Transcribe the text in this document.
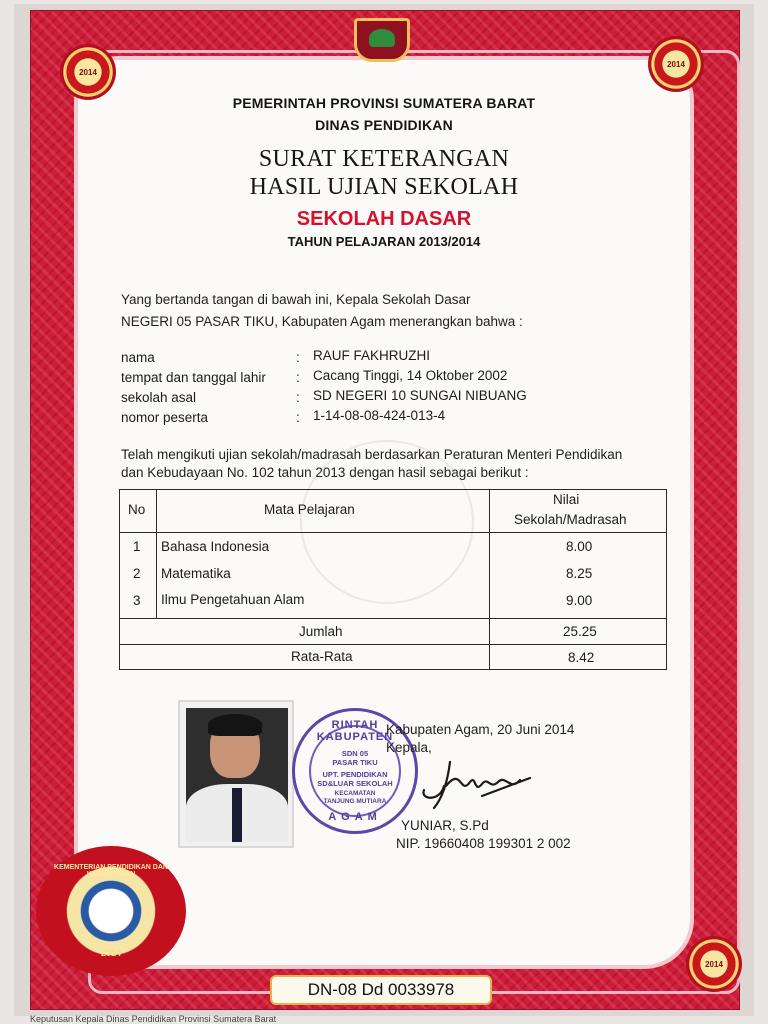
2014
2014
2014
PEMERINTAH PROVINSI SUMATERA BARAT
DINAS PENDIDIKAN
SURAT KETERANGAN
HASIL UJIAN SEKOLAH
SEKOLAH DASAR
TAHUN PELAJARAN 2013/2014
Yang bertanda tangan di bawah ini, Kepala Sekolah Dasar
NEGERI 05 PASAR TIKU, Kabupaten Agam menerangkan bahwa :
nama	: RAUF FAKHRUZHI
tempat dan tanggal lahir : Cacang Tinggi, 14 Oktober 2002
sekolah asal	: SD NEGERI 10 SUNGAI NIBUANG
nomor peserta	: 1-14-08-08-424-013-4
Telah mengikuti ujian sekolah/madrasah berdasarkan Peraturan Menteri Pendidikan
dan Kebudayaan No. 102 tahun 2013 dengan hasil sebagai berikut :
No	Mata Pelajaran
Nilai
Sekolah/Madrasah
1 Bahasa Indonesia	8.00
2 Matematika	8.25
3 Ilmu Pengetahuan Alam	9.00
Jumlah	25.25
Rata-Rata	8.42
RINTAH KABUPATEN
SDN 05
PASAR TIKU
UPT. PENDIDIKAN
SD&LUAR SEKOLAH
KECAMATAN
TANJUNG MUTIARA
AGAM
Kabupaten Agam, 20 Juni 2014
Kepala,
YUNIAR, S.Pd
NIP. 19660408 199301 2 002
2014
KEMENTERIAN PENDIDIKAN DAN KEBUDAYAAN
DN-08 Dd 0033978
Keputusan Kepala Dinas Pendidikan Provinsi Sumatera Barat
